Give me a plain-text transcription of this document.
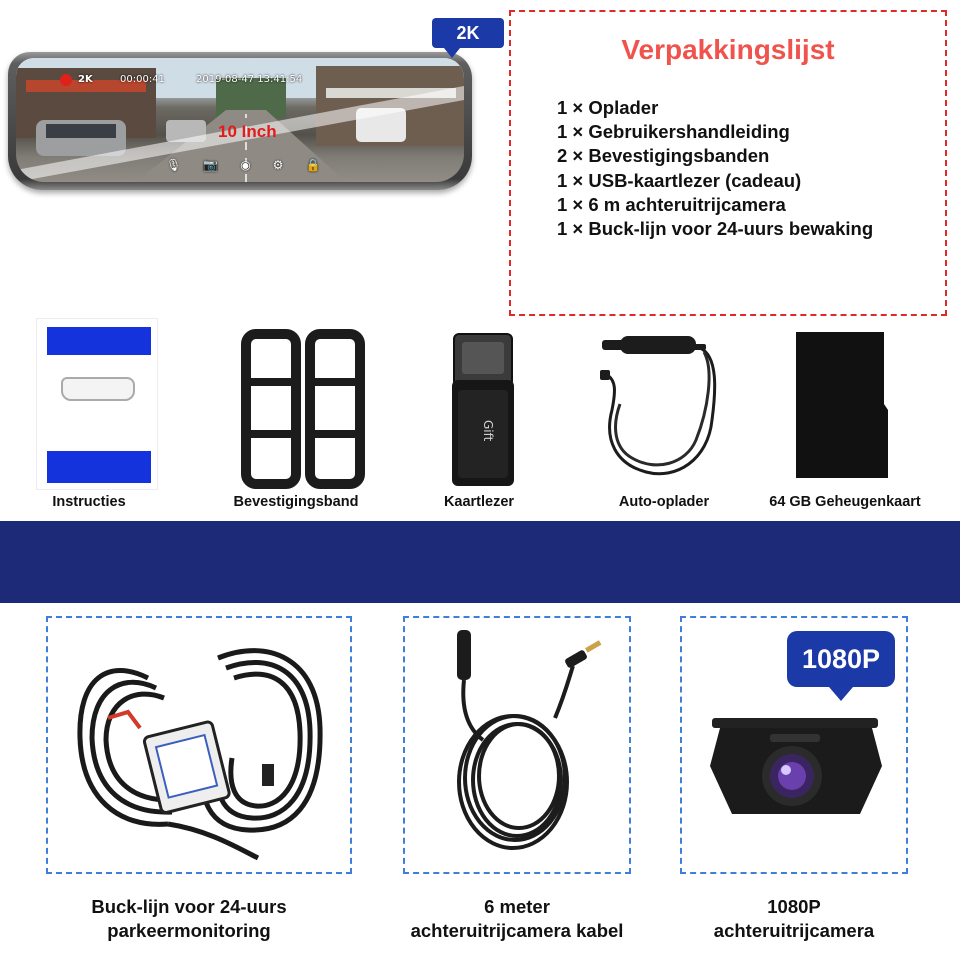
2K	00:00:41	2019-08-47 13:41:54
10 Inch
🎙 📷 ◉ ⚙ 🔒
2K
Verpakkingslijst
1 × Oplader
1 × Gebruikershandleiding
2 × Bevestigingsbanden
1 × USB-kaartlezer (cadeau)
1 × 6 m achteruitrijcamera
1 × Buck-lijn voor 24-uurs bewaking
Instructies	Bevestigingsband
Gift
Kaartlezer	Auto-oplader	64 GB Geheugenkaart
Buck-lijn voor 24-uurs
parkeermonitoring
6 meter
achteruitrijcamera kabel
1080P
1080P
achteruitrijcamera
